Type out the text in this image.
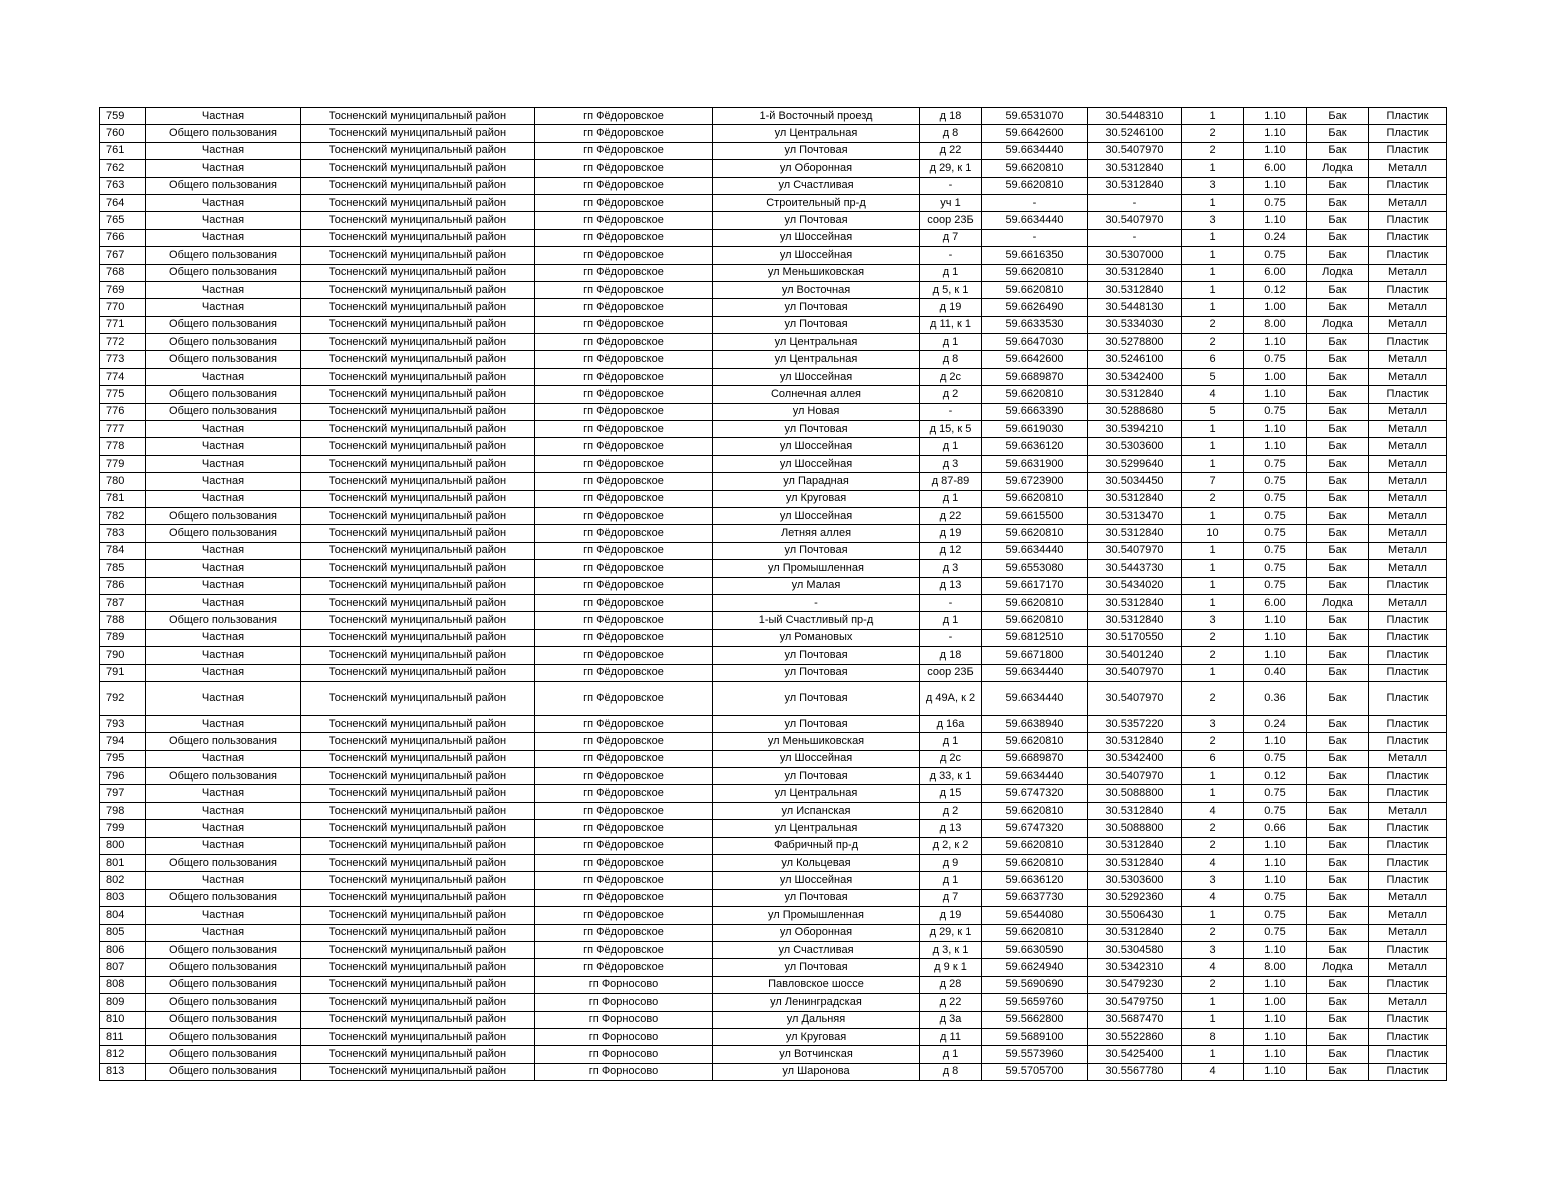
759	Частная	Тосненский муниципальный район	гп Фёдоровское	1-й Восточный проезд	д 18	59.6531070	30.5448310	1	1.10	Бак	Пластик
760	Общего пользования	Тосненский муниципальный район	гп Фёдоровское	ул Центральная	д 8	59.6642600	30.5246100	2	1.10	Бак	Пластик
761	Частная	Тосненский муниципальный район	гп Фёдоровское	ул Почтовая	д 22	59.6634440	30.5407970	2	1.10	Бак	Пластик
762	Частная	Тосненский муниципальный район	гп Фёдоровское	ул Оборонная	д 29, к 1	59.6620810	30.5312840	1	6.00	Лодка	Металл
763	Общего пользования	Тосненский муниципальный район	гп Фёдоровское	ул Счастливая	-	59.6620810	30.5312840	3	1.10	Бак	Пластик
764	Частная	Тосненский муниципальный район	гп Фёдоровское	Строительный пр-д	уч 1	-	-	1	0.75	Бак	Металл
765	Частная	Тосненский муниципальный район	гп Фёдоровское	ул Почтовая	соор 23Б	59.6634440	30.5407970	3	1.10	Бак	Пластик
766	Частная	Тосненский муниципальный район	гп Фёдоровское	ул Шоссейная	д 7	-	-	1	0.24	Бак	Пластик
767	Общего пользования	Тосненский муниципальный район	гп Фёдоровское	ул Шоссейная	-	59.6616350	30.5307000	1	0.75	Бак	Пластик
768	Общего пользования	Тосненский муниципальный район	гп Фёдоровское	ул Меньшиковская	д 1	59.6620810	30.5312840	1	6.00	Лодка	Металл
769	Частная	Тосненский муниципальный район	гп Фёдоровское	ул Восточная	д 5, к 1	59.6620810	30.5312840	1	0.12	Бак	Пластик
770	Частная	Тосненский муниципальный район	гп Фёдоровское	ул Почтовая	д 19	59.6626490	30.5448130	1	1.00	Бак	Металл
771	Общего пользования	Тосненский муниципальный район	гп Фёдоровское	ул Почтовая	д 11, к 1	59.6633530	30.5334030	2	8.00	Лодка	Металл
772	Общего пользования	Тосненский муниципальный район	гп Фёдоровское	ул Центральная	д 1	59.6647030	30.5278800	2	1.10	Бак	Пластик
773	Общего пользования	Тосненский муниципальный район	гп Фёдоровское	ул Центральная	д 8	59.6642600	30.5246100	6	0.75	Бак	Металл
774	Частная	Тосненский муниципальный район	гп Фёдоровское	ул Шоссейная	д 2с	59.6689870	30.5342400	5	1.00	Бак	Металл
775	Общего пользования	Тосненский муниципальный район	гп Фёдоровское	Солнечная аллея	д 2	59.6620810	30.5312840	4	1.10	Бак	Пластик
776	Общего пользования	Тосненский муниципальный район	гп Фёдоровское	ул Новая	-	59.6663390	30.5288680	5	0.75	Бак	Металл
777	Частная	Тосненский муниципальный район	гп Фёдоровское	ул Почтовая	д 15, к 5	59.6619030	30.5394210	1	1.10	Бак	Металл
778	Частная	Тосненский муниципальный район	гп Фёдоровское	ул Шоссейная	д 1	59.6636120	30.5303600	1	1.10	Бак	Металл
779	Частная	Тосненский муниципальный район	гп Фёдоровское	ул Шоссейная	д 3	59.6631900	30.5299640	1	0.75	Бак	Металл
780	Частная	Тосненский муниципальный район	гп Фёдоровское	ул Парадная	д 87-89	59.6723900	30.5034450	7	0.75	Бак	Металл
781	Частная	Тосненский муниципальный район	гп Фёдоровское	ул Круговая	д 1	59.6620810	30.5312840	2	0.75	Бак	Металл
782	Общего пользования	Тосненский муниципальный район	гп Фёдоровское	ул Шоссейная	д 22	59.6615500	30.5313470	1	0.75	Бак	Металл
783	Общего пользования	Тосненский муниципальный район	гп Фёдоровское	Летняя аллея	д 19	59.6620810	30.5312840	10	0.75	Бак	Металл
784	Частная	Тосненский муниципальный район	гп Фёдоровское	ул Почтовая	д 12	59.6634440	30.5407970	1	0.75	Бак	Металл
785	Частная	Тосненский муниципальный район	гп Фёдоровское	ул Промышленная	д 3	59.6553080	30.5443730	1	0.75	Бак	Металл
786	Частная	Тосненский муниципальный район	гп Фёдоровское	ул Малая	д 13	59.6617170	30.5434020	1	0.75	Бак	Пластик
787	Частная	Тосненский муниципальный район	гп Фёдоровское	-	-	59.6620810	30.5312840	1	6.00	Лодка	Металл
788	Общего пользования	Тосненский муниципальный район	гп Фёдоровское	1-ый Счастливый пр-д	д 1	59.6620810	30.5312840	3	1.10	Бак	Пластик
789	Частная	Тосненский муниципальный район	гп Фёдоровское	ул Романовых	-	59.6812510	30.5170550	2	1.10	Бак	Пластик
790	Частная	Тосненский муниципальный район	гп Фёдоровское	ул Почтовая	д 18	59.6671800	30.5401240	2	1.10	Бак	Пластик
791	Частная	Тосненский муниципальный район	гп Фёдоровское	ул Почтовая	соор 23Б	59.6634440	30.5407970	1	0.40	Бак	Пластик
792	Частная	Тосненский муниципальный район	гп Фёдоровское	ул Почтовая	д 49А, к 2	59.6634440	30.5407970	2	0.36	Бак	Пластик
793	Частная	Тосненский муниципальный район	гп Фёдоровское	ул Почтовая	д 16а	59.6638940	30.5357220	3	0.24	Бак	Пластик
794	Общего пользования	Тосненский муниципальный район	гп Фёдоровское	ул Меньшиковская	д 1	59.6620810	30.5312840	2	1.10	Бак	Пластик
795	Частная	Тосненский муниципальный район	гп Фёдоровское	ул Шоссейная	д 2с	59.6689870	30.5342400	6	0.75	Бак	Металл
796	Общего пользования	Тосненский муниципальный район	гп Фёдоровское	ул Почтовая	д 33, к 1	59.6634440	30.5407970	1	0.12	Бак	Пластик
797	Частная	Тосненский муниципальный район	гп Фёдоровское	ул Центральная	д 15	59.6747320	30.5088800	1	0.75	Бак	Пластик
798	Частная	Тосненский муниципальный район	гп Фёдоровское	ул Испанская	д 2	59.6620810	30.5312840	4	0.75	Бак	Металл
799	Частная	Тосненский муниципальный район	гп Фёдоровское	ул Центральная	д 13	59.6747320	30.5088800	2	0.66	Бак	Пластик
800	Частная	Тосненский муниципальный район	гп Фёдоровское	Фабричный пр-д	д 2, к 2	59.6620810	30.5312840	2	1.10	Бак	Пластик
801	Общего пользования	Тосненский муниципальный район	гп Фёдоровское	ул Кольцевая	д 9	59.6620810	30.5312840	4	1.10	Бак	Пластик
802	Частная	Тосненский муниципальный район	гп Фёдоровское	ул Шоссейная	д 1	59.6636120	30.5303600	3	1.10	Бак	Пластик
803	Общего пользования	Тосненский муниципальный район	гп Фёдоровское	ул Почтовая	д 7	59.6637730	30.5292360	4	0.75	Бак	Металл
804	Частная	Тосненский муниципальный район	гп Фёдоровское	ул Промышленная	д 19	59.6544080	30.5506430	1	0.75	Бак	Металл
805	Частная	Тосненский муниципальный район	гп Фёдоровское	ул Оборонная	д 29, к 1	59.6620810	30.5312840	2	0.75	Бак	Металл
806	Общего пользования	Тосненский муниципальный район	гп Фёдоровское	ул Счастливая	д 3, к 1	59.6630590	30.5304580	3	1.10	Бак	Пластик
807	Общего пользования	Тосненский муниципальный район	гп Фёдоровское	ул Почтовая	д 9 к 1	59.6624940	30.5342310	4	8.00	Лодка	Металл
808	Общего пользования	Тосненский муниципальный район	гп Форносово	Павловское шоссе	д 28	59.5690690	30.5479230	2	1.10	Бак	Пластик
809	Общего пользования	Тосненский муниципальный район	гп Форносово	ул Ленинградская	д 22	59.5659760	30.5479750	1	1.00	Бак	Металл
810	Общего пользования	Тосненский муниципальный район	гп Форносово	ул Дальняя	д 3а	59.5662800	30.5687470	1	1.10	Бак	Пластик
811	Общего пользования	Тосненский муниципальный район	гп Форносово	ул Круговая	д 11	59.5689100	30.5522860	8	1.10	Бак	Пластик
812	Общего пользования	Тосненский муниципальный район	гп Форносово	ул Вотчинская	д 1	59.5573960	30.5425400	1	1.10	Бак	Пластик
813	Общего пользования	Тосненский муниципальный район	гп Форносово	ул Шаронова	д 8	59.5705700	30.5567780	4	1.10	Бак	Пластик
